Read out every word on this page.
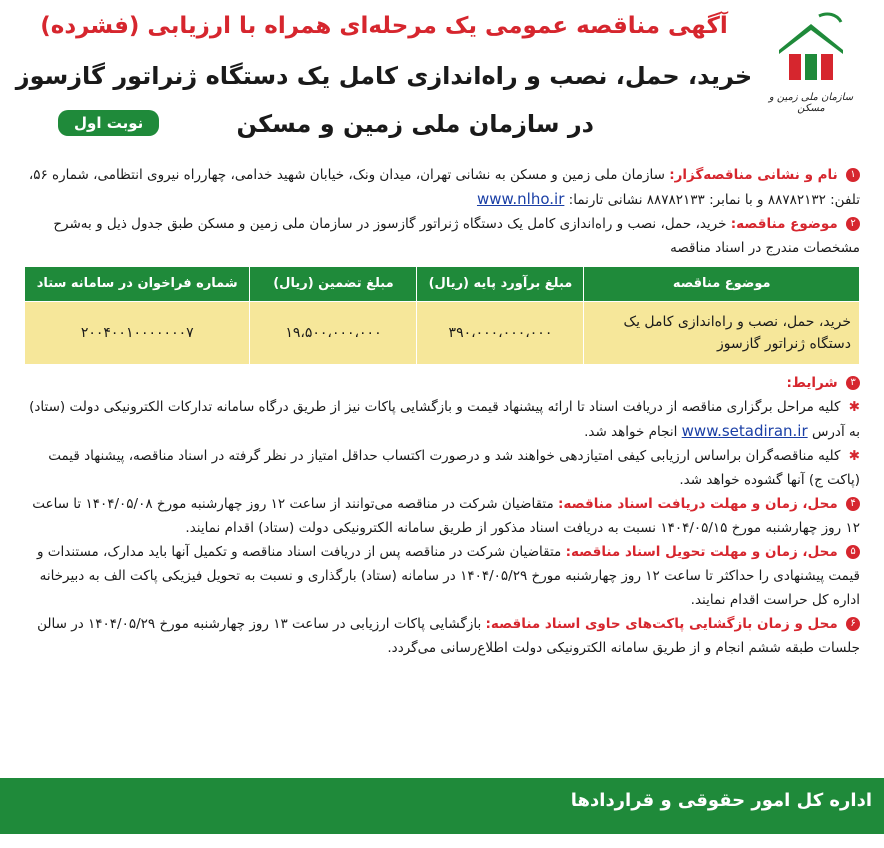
سازمان ملی زمین و مسکن
آگهی مناقصه عمومی یک مرحله‌ای همراه با ارزیابی (فشرده)
خرید، حمل، نصب و راه‌اندازی کامل یک دستگاه ژنراتور گازسوز
در سازمان ملی زمین و مسکن
نوبت اول

۱ نام و نشانی مناقصه‌گزار: سازمان ملی زمین و مسکن به نشانی تهران، میدان ونک، خیابان شهید خدامی، چهارراه نیروی انتظامی، شماره ۵۶، تلفن: ۸۸۷۸۲۱۳۲ و با نمابر: ۸۸۷۸۲۱۳۳ نشانی تارنما: www.nlho.ir

۲ موضوع مناقصه: خرید، حمل، نصب و راه‌اندازی کامل یک دستگاه ژنراتور گازسوز در سازمان ملی زمین و مسکن طبق جدول ذیل و به‌شرح مشخصات مندرج در اسناد مناقصه

موضوع مناقصه	مبلغ برآورد پایه (ریال)	مبلغ تضمین (ریال)	شماره فراخوان در سامانه ستاد
خرید، حمل، نصب و راه‌اندازی کامل یک دستگاه ژنراتور گازسوز	۳۹۰،۰۰۰،۰۰۰،۰۰۰	۱۹،۵۰۰،۰۰۰،۰۰۰	۲۰۰۴۰۰۱۰۰۰۰۰۰۰۷

۳ شرایط:

✱ کلیه مراحل برگزاری مناقصه از دریافت اسناد تا ارائه پیشنهاد قیمت و بازگشایی پاکات نیز از طریق درگاه سامانه تدارکات الکترونیکی دولت (ستاد) به آدرس www.setadiran.ir انجام خواهد شد.

✱ کلیه مناقصه‌گران براساس ارزیابی کیفی امتیازدهی خواهند شد و درصورت اکتساب حداقل امتیاز در نظر گرفته در اسناد مناقصه، پیشنهاد قیمت (پاکت ج) آنها گشوده خواهد شد.

۴ محل، زمان و مهلت دریافت اسناد مناقصه: متقاضیان شرکت در مناقصه می‌توانند از ساعت ۱۲ روز چهارشنبه مورخ ۱۴۰۴/۰۵/۰۸ تا ساعت ۱۲ روز چهارشنبه مورخ ۱۴۰۴/۰۵/۱۵ نسبت به دریافت اسناد مذکور از طریق سامانه الکترونیکی دولت (ستاد) اقدام نمایند.

۵ محل، زمان و مهلت تحویل اسناد مناقصه: متقاضیان شرکت در مناقصه پس از دریافت اسناد مناقصه و تکمیل آنها باید مدارک، مستندات و قیمت پیشنهادی را حداکثر تا ساعت ۱۲ روز چهارشنبه مورخ ۱۴۰۴/۰۵/۲۹ در سامانه (ستاد) بارگذاری و نسبت به تحویل فیزیکی پاکت الف به دبیرخانه اداره کل حراست اقدام نمایند.

۶ محل و زمان بازگشایی پاکت‌های حاوی اسناد مناقصه: بازگشایی پاکات ارزیابی در ساعت ۱۳ روز چهارشنبه مورخ ۱۴۰۴/۰۵/۲۹ در سالن جلسات طبقه ششم انجام و از طریق سامانه الکترونیکی دولت اطلاع‌رسانی می‌گردد.

اداره کل امور حقوقی و قراردادها
